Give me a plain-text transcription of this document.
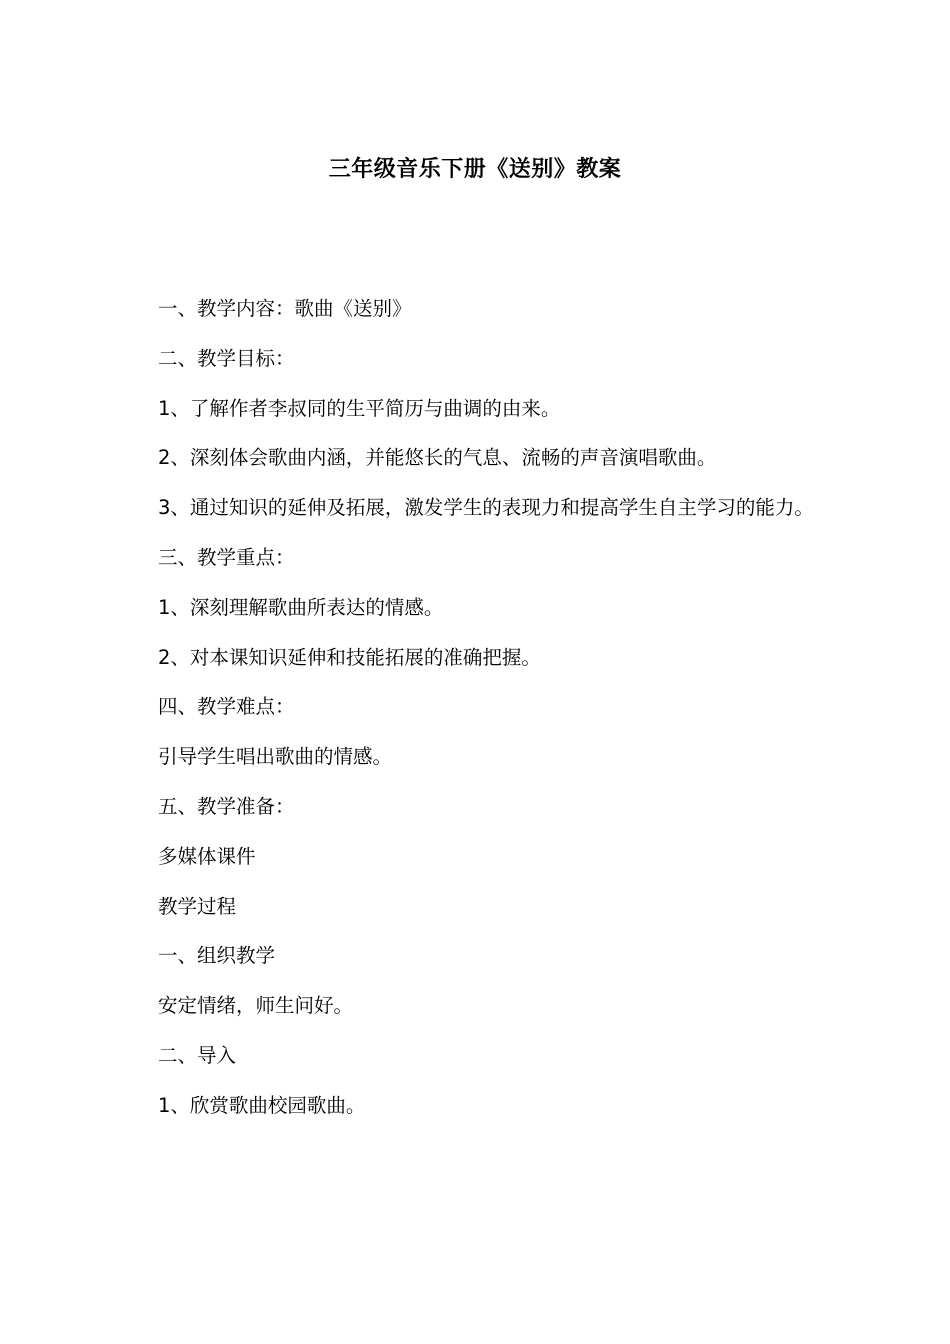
三年级音乐下册《送别》教案

一、教学内容：歌曲《送别》

二、教学目标：

1、了解作者李叔同的生平简历与曲调的由来。

2、深刻体会歌曲内涵，并能悠长的气息、流畅的声音演唱歌曲。

3、通过知识的延伸及拓展，激发学生的表现力和提高学生自主学习的能力。

三、教学重点：

1、深刻理解歌曲所表达的情感。

2、对本课知识延伸和技能拓展的准确把握。

四、教学难点：

引导学生唱出歌曲的情感。

五、教学准备：

多媒体课件

教学过程

一、组织教学

安定情绪，师生问好。

二、导入

1、欣赏歌曲校园歌曲。
